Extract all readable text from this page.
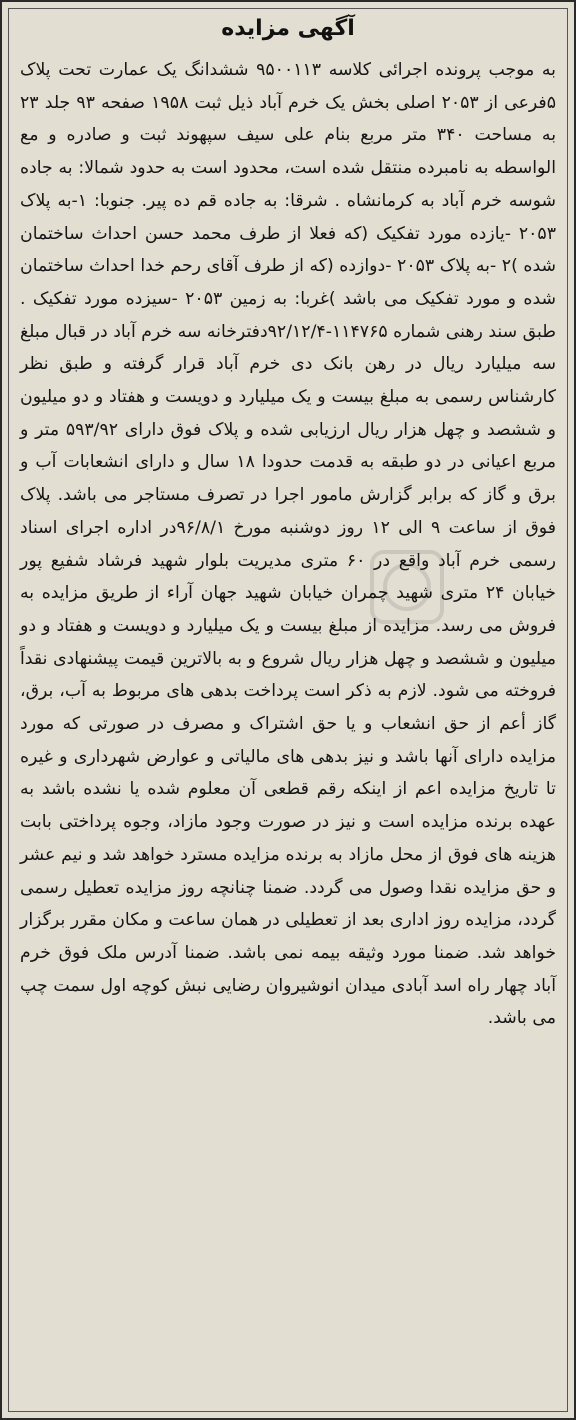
آگهی مزایده
به موجب پرونده اجرائی کلاسه ۹۵۰۰۱۱۳ ششدانگ یک عمارت تحت پلاک ۵فرعی از ۲۰۵۳ اصلی بخش یک خرم آباد ذیل ثبت ۱۹۵۸ صفحه ۹۳ جلد ۲۳ به مساحت ۳۴۰ متر مربع بنام علی سیف سپهوند ثبت و صادره و مع الواسطه به نامبرده منتقل شده است، محدود است به حدود شمالا: به جاده شوسه خرم آباد به کرمانشاه . شرقا: به جاده قم ده پیر. جنوبا: ۱-به پلاک ۲۰۵۳ -یازده مورد تفکیک (که فعلا از طرف محمد حسن احداث ساختمان شده )۲ -به پلاک ۲۰۵۳ -دوازده (که از طرف آقای رحم خدا احداث ساختمان شده و مورد تفکیک می باشد )غربا: به زمین ۲۰۵۳ -سیزده مورد تفکیک . طبق سند رهنی شماره ۱۱۴۷۶۵-۹۲/۱۲/۴دفترخانه سه خرم آباد در قبال مبلغ سه میلیارد ریال در رهن بانک دی خرم آباد قرار گرفته و طبق نظر کارشناس رسمی به مبلغ بیست و یک میلیارد و دویست و هفتاد و دو میلیون و ششصد و چهل هزار ریال ارزیابی شده و پلاک فوق دارای ۵۹۳/۹۲ متر و مربع اعیانی در دو طبقه به قدمت حدودا ۱۸ سال و دارای انشعابات آب و برق و گاز که برابر گزارش مامور اجرا در تصرف مستاجر می باشد. پلاک فوق از ساعت ۹ الی ۱۲ روز دوشنبه مورخ ۹۶/۸/۱در اداره اجرای اسناد رسمی خرم آباد واقع در ۶۰ متری مدیریت بلوار شهید فرشاد شفیع پور خیابان ۲۴ متری شهید چمران خیابان شهید جهان آراء از طریق مزایده به فروش می رسد. مزایده از مبلغ بیست و یک میلیارد و دویست و هفتاد و دو میلیون و ششصد و چهل هزار ریال شروع و به بالاترین قیمت پیشنهادی نقداً فروخته می شود. لازم به ذکر است پرداخت بدهی های مربوط به آب، برق، گاز أعم از حق انشعاب و یا حق اشتراک و مصرف در صورتی که مورد مزایده دارای آنها باشد و نیز بدهی های مالیاتی و عوارض شهرداری و غیره تا تاریخ مزایده اعم از اینکه رقم قطعی آن معلوم شده یا نشده باشد به عهده برنده مزایده است و نیز در صورت وجود مازاد، وجوه پرداختی بابت هزینه های فوق از محل مازاد به برنده مزایده مسترد خواهد شد و نیم عشر و حق مزایده نقدا وصول می گردد. ضمنا چنانچه روز مزایده تعطیل رسمی گردد، مزایده روز اداری بعد از تعطیلی در همان ساعت و مکان مقرر برگزار خواهد شد. ضمنا مورد وثیقه بیمه نمی باشد. ضمنا آدرس ملک فوق خرم آباد چهار راه اسد آبادی میدان انوشیروان رضایی نبش کوچه اول سمت چپ می باشد.
